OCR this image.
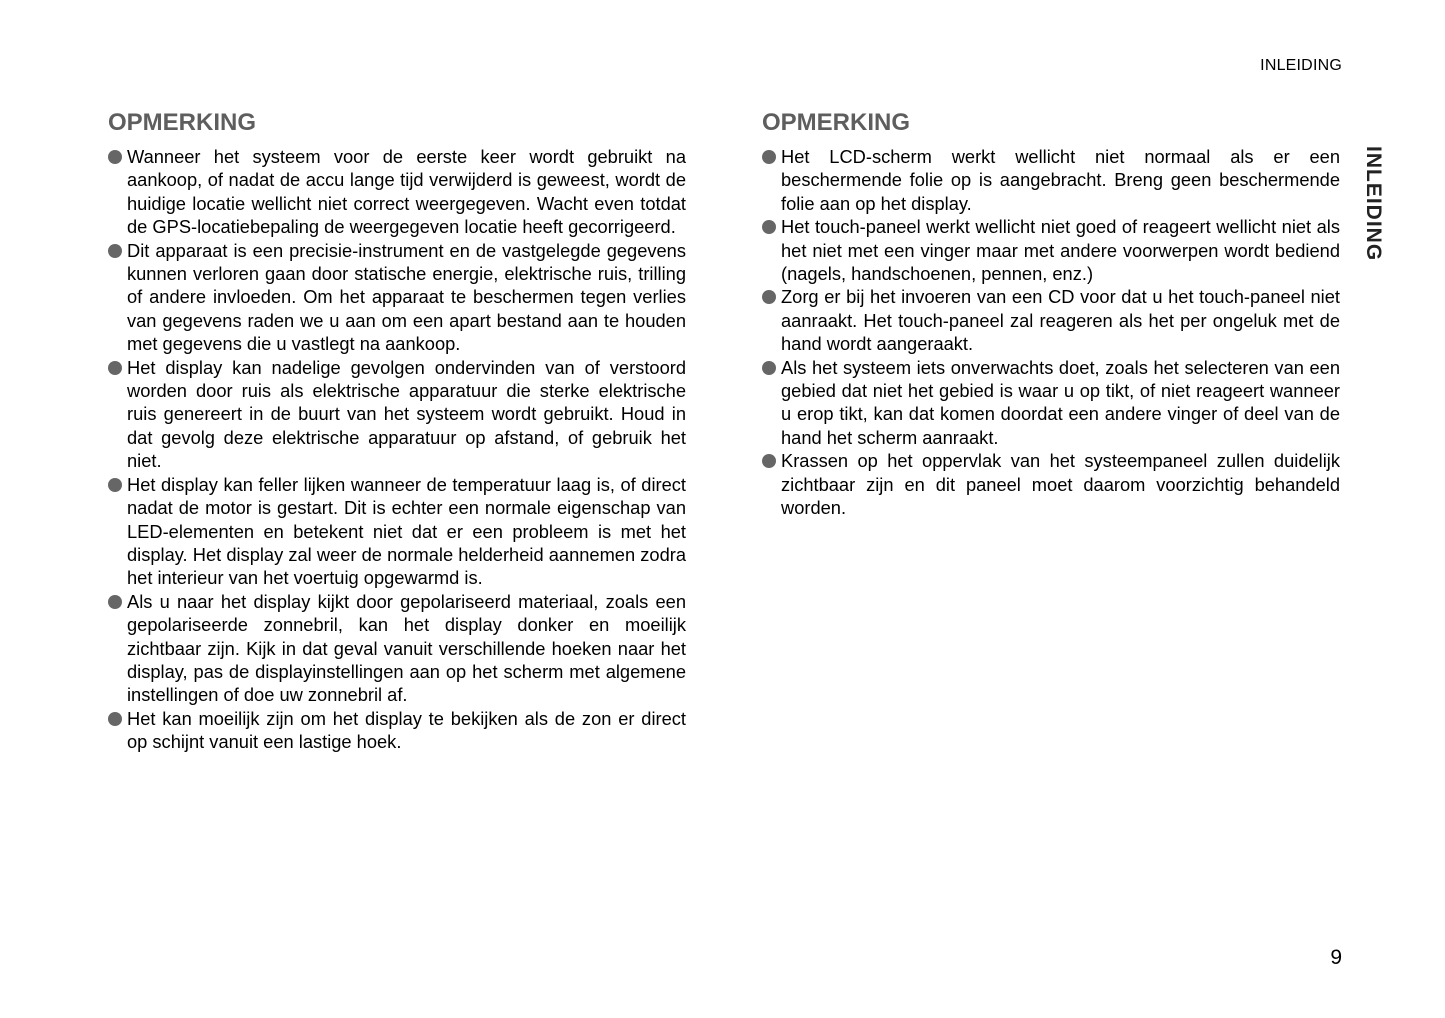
INLEIDING
INLEIDING
OPMERKING
Wanneer het systeem voor de eerste keer wordt gebruikt na aankoop, of nadat de accu lange tijd verwijderd is geweest, wordt de huidige locatie wellicht niet correct weergegeven. Wacht even totdat de GPS-locatiebepaling de weergegeven locatie heeft gecorrigeerd.
Dit apparaat is een precisie-instrument en de vastgelegde gegevens kunnen verloren gaan door statische energie, elektrische ruis, trilling of andere invloeden. Om het apparaat te beschermen tegen verlies van gegevens raden we u aan om een apart bestand aan te houden met gegevens die u vastlegt na aankoop.
Het display kan nadelige gevolgen ondervinden van of verstoord worden door ruis als elektrische apparatuur die sterke elektrische ruis genereert in de buurt van het systeem wordt gebruikt. Houd in dat gevolg deze elektrische apparatuur op afstand, of gebruik het niet.
Het display kan feller lijken wanneer de temperatuur laag is, of direct nadat de motor is gestart. Dit is echter een normale eigenschap van LED-elementen en betekent niet dat er een probleem is met het display. Het display zal weer de normale helderheid aannemen zodra het interieur van het voertuig opgewarmd is.
Als u naar het display kijkt door gepolariseerd materiaal, zoals een gepolariseerde zonnebril, kan het display donker en moeilijk zichtbaar zijn. Kijk in dat geval vanuit verschillende hoeken naar het display, pas de displayinstellingen aan op het scherm met algemene instellingen of doe uw zonnebril af.
Het kan moeilijk zijn om het display te bekijken als de zon er direct op schijnt vanuit een lastige hoek.
OPMERKING
Het LCD-scherm werkt wellicht niet normaal als er een beschermende folie op is aangebracht. Breng geen beschermende folie aan op het display.
Het touch-paneel werkt wellicht niet goed of reageert wellicht niet als het niet met een vinger maar met andere voorwerpen wordt bediend (nagels, handschoenen, pennen, enz.)
Zorg er bij het invoeren van een CD voor dat u het touch-paneel niet aanraakt. Het touch-paneel zal reageren als het per ongeluk met de hand wordt aangeraakt.
Als het systeem iets onverwachts doet, zoals het selecteren van een gebied dat niet het gebied is waar u op tikt, of niet reageert wanneer u erop tikt, kan dat komen doordat een andere vinger of deel van de hand het scherm aanraakt.
Krassen op het oppervlak van het systeempaneel zullen duidelijk zichtbaar zijn en dit paneel moet daarom voorzichtig behandeld worden.
9
